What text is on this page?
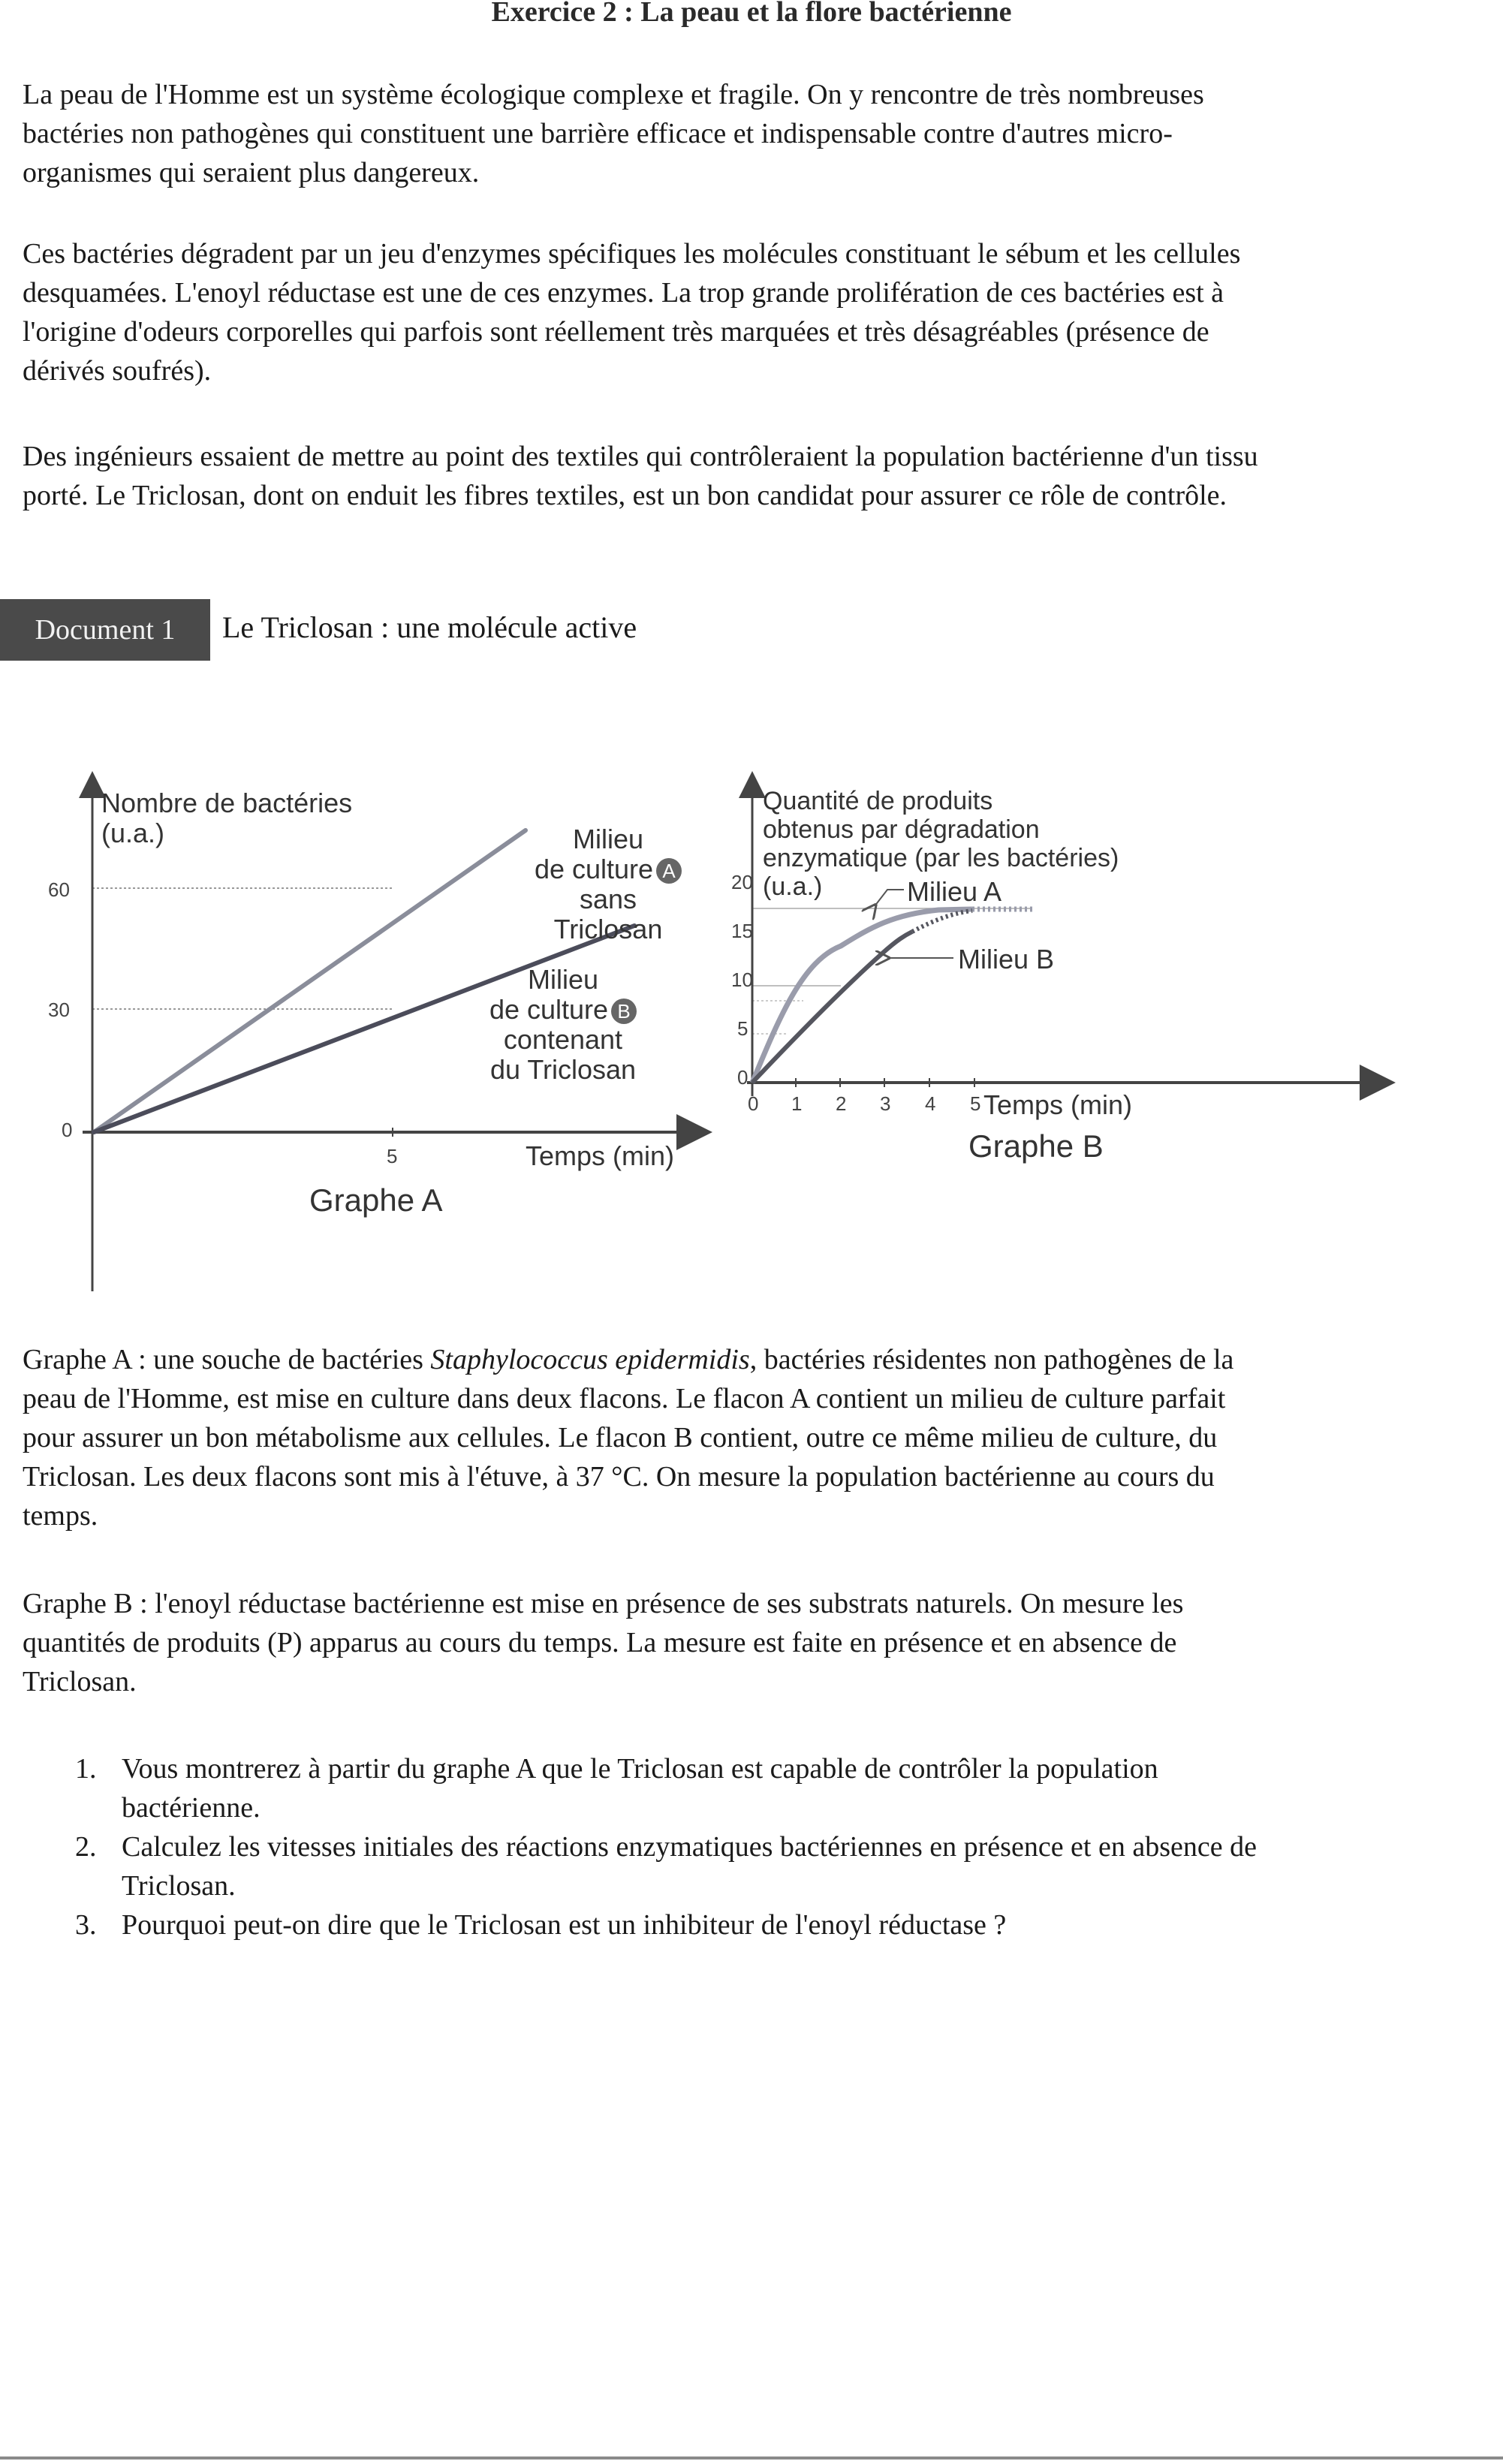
Exercice 2 : La peau et la flore bactérienne
La peau de l'Homme est un système écologique complexe et fragile. On y rencontre de très nombreuses
bactéries non pathogènes qui constituent une barrière efficace et indispensable contre d'autres micro-
organismes qui seraient plus dangereux.
Ces bactéries dégradent par un jeu d'enzymes spécifiques les molécules constituant le sébum et les cellules
desquamées. L'enoyl réductase est une de ces enzymes. La trop grande prolifération de ces bactéries est à
l'origine d'odeurs corporelles qui parfois sont réellement très marquées et très désagréables (présence de
dérivés soufrés).
Des ingénieurs essaient de mettre au point des textiles qui contrôleraient la population bactérienne d'un tissu
porté. Le Triclosan, dont on enduit les fibres textiles, est un bon candidat pour assurer ce rôle de contrôle.
Document 1 Le Triclosan : une molécule active
Nombre de bactéries
(u.a.)
60
30
0
5	Temps (min)
Graphe A
Milieu
de culture A
sans
Triclosan
Milieu
de culture B
contenant
du Triclosan
Quantité de produits
obtenus par dégradation
enzymatique (par les bactéries)
(u.a.)
20
15
10
5
0
0 1 2 3 4 5 Temps (min)
Graphe B
Milieu A
Milieu B
Graphe A : une souche de bactéries Staphylococcus epidermidis, bactéries résidentes non pathogènes de la
peau de l'Homme, est mise en culture dans deux flacons. Le flacon A contient un milieu de culture parfait
pour assurer un bon métabolisme aux cellules. Le flacon B contient, outre ce même milieu de culture, du
Triclosan. Les deux flacons sont mis à l'étuve, à 37 °C. On mesure la population bactérienne au cours du
temps.
Graphe B : l'enoyl réductase bactérienne est mise en présence de ses substrats naturels. On mesure les
quantités de produits (P) apparus au cours du temps. La mesure est faite en présence et en absence de
Triclosan.
1. Vous montrerez à partir du graphe A que le Triclosan est capable de contrôler la population
bactérienne.
2. Calculez les vitesses initiales des réactions enzymatiques bactériennes en présence et en absence de
Triclosan.
3. Pourquoi peut-on dire que le Triclosan est un inhibiteur de l'enoyl réductase ?
